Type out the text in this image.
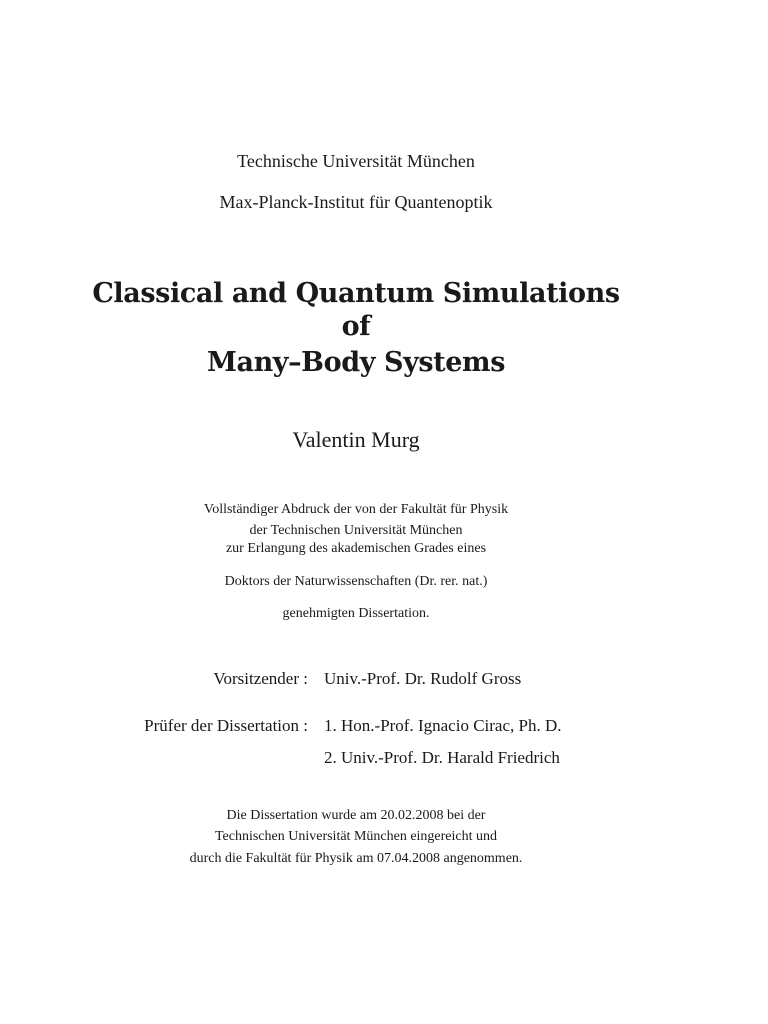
Technische Universität München
Max-Planck-Institut für Quantenoptik
Classical and Quantum Simulations
of
Many–Body Systems
Valentin Murg
Vollständiger Abdruck der von der Fakultät für Physik
der Technischen Universität München
zur Erlangung des akademischen Grades eines
Doktors der Naturwissenschaften (Dr. rer. nat.)
genehmigten Dissertation.
Vorsitzender : Univ.-Prof. Dr. Rudolf Gross
Prüfer der Dissertation : 1. Hon.-Prof. Ignacio Cirac, Ph. D.
2. Univ.-Prof. Dr. Harald Friedrich
Die Dissertation wurde am 20.02.2008 bei der
Technischen Universität München eingereicht und
durch die Fakultät für Physik am 07.04.2008 angenommen.
